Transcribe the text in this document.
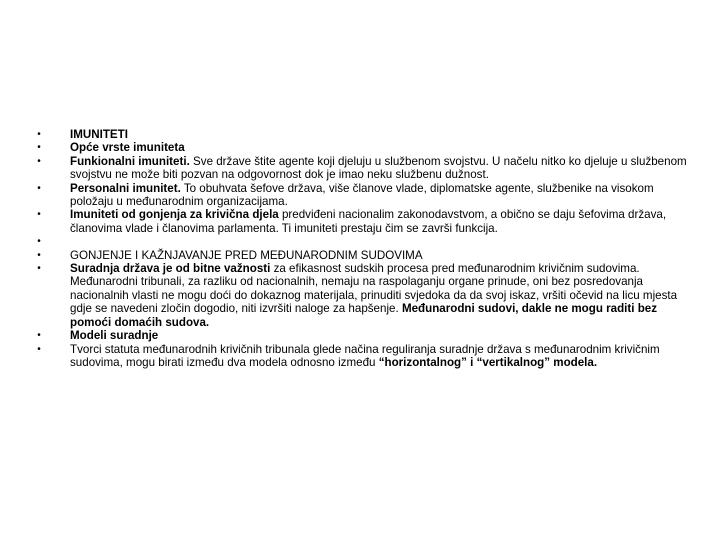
•	IMUNITETI
•	Opće vrste imuniteta
•	Funkionalni imuniteti. Sve države štite agente koji djeluju u službenom svojstvu. U načelu nitko ko djeluje u službenom svojstvu ne može biti pozvan na odgovornost dok je imao neku službenu dužnost.
•	Personalni imunitet. To obuhvata šefove država, više članove vlade, diplomatske agente, službenike na visokom položaju u međunarodnim organizacijama.
•	Imuniteti od gonjenja za krivična djela predviđeni nacionalim zakonodavstvom, a obično se daju šefovima država, članovima vlade i članovima parlamenta. Ti imuniteti prestaju čim se završi funkcija.
•

•	GONJENJE I KAŽNJAVANJE PRED MEĐUNARODNIM SUDOVIMA
•	Suradnja država je od bitne važnosti za efikasnost sudskih procesa pred međunarodnim krivičnim sudovima. Međunarodni tribunali, za razliku od nacionalnih, nemaju na raspolaganju organe prinude, oni bez posredovanja nacionalnih vlasti ne mogu doći do dokaznog materijala, prinuditi svjedoka da da svoj iskaz, vršiti očevid na licu mjesta gdje se navedeni zločin dogodio, niti izvršiti naloge za hapšenje. Međunarodni sudovi, dakle ne mogu raditi bez pomoći domaćih sudova.
•	Modeli suradnje
•	Tvorci statuta međunarodnih krivičnih tribunala glede načina reguliranja suradnje država s međunarodnim krivičnim sudovima, mogu birati između dva modela odnosno između “horizontalnog” i “vertikalnog” modela.
